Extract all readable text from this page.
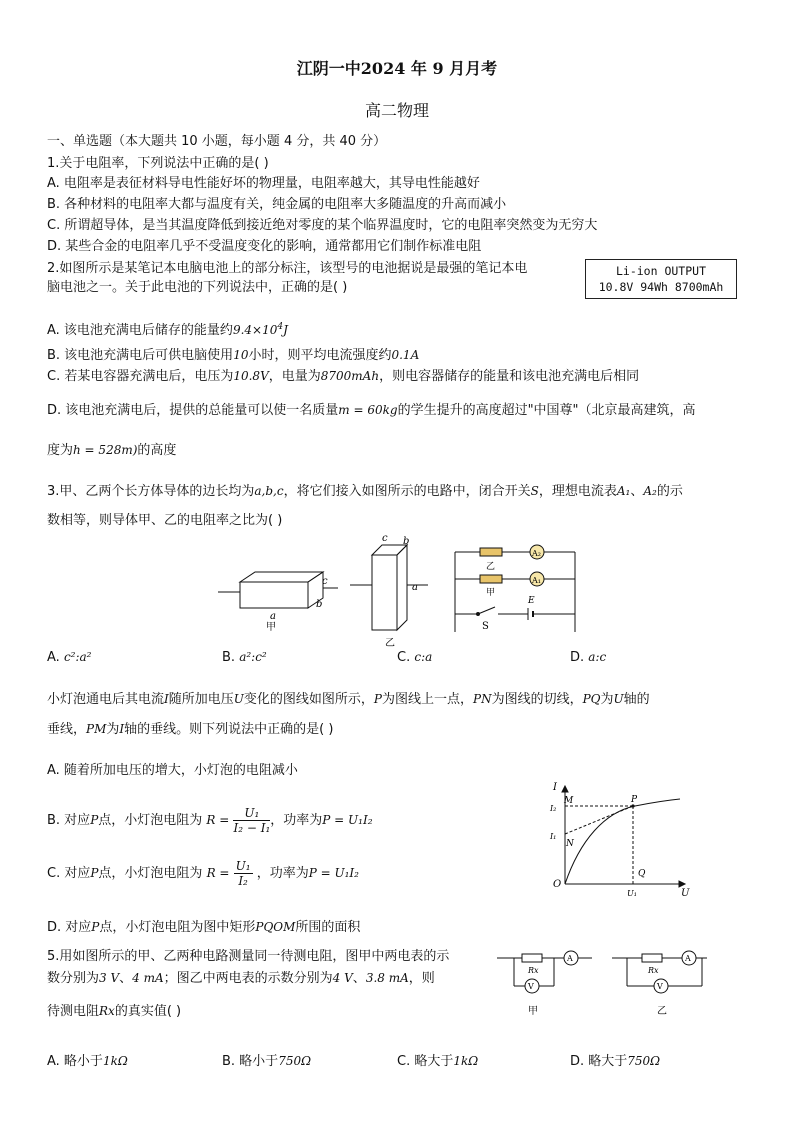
江阴一中2024 年 9 月月考
高二物理
一、单选题（本大题共 10 小题，每小题 4 分，共 40 分）
1.关于电阻率，下列说法中正确的是( )
A. 电阻率是表征材料导电性能好坏的物理量，电阻率越大，其导电性能越好
B. 各种材料的电阻率大都与温度有关，纯金属的电阻率大多随温度的升高而减小
C. 所谓超导体，是当其温度降低到接近绝对零度的某个临界温度时，它的电阻率突然变为无穷大
D. 某些合金的电阻率几乎不受温度变化的影响，通常都用它们制作标准电阻
2.如图所示是某笔记本电脑电池上的部分标注，该型号的电池据说是最强的笔记本电
脑电池之一。关于此电池的下列说法中，正确的是( )
Li-ion OUTPUT
10.8V 94Wh 8700mAh
A. 该电池充满电后储存的能量约$9.4\times 10^4J$
B. 该电池充满电后可供电脑使用10小时，则平均电流强度约0.1A
C. 若某电容器充满电后，电压为10.8V，电量为8700mAh，则电容器储存的能量和该电池充满电后相同
D. 该电池充满电后，提供的总能量可以使一名质量m = 60kg的学生提升的高度超过"中国尊"（北京最高建筑，高
度为h = 528m)的高度
3.甲、乙两个长方体导体的边长均为a,b,c，将它们接入如图所示的电路中，闭合开关S，理想电流表A₁、A₂的示
数相等，则导体甲、乙的电阻率之比为( )
a
c
b
甲
c b
a
乙
A₂
A₁
乙
甲
E
S
A. c²:a²	B. a²:c²	C. c:a	D. a:c
小灯泡通电后其电流I随所加电压U变化的图线如图所示，P为图线上一点，PN为图线的切线，PQ为U轴的
垂线，PM为I轴的垂线。则下列说法中正确的是( )
A. 随着所加电压的增大，小灯泡的电阻减小
B. 对应P点，小灯泡电阻为 $R = \frac{\text{U₁}}{\text{I₂ − I₁}}$ ，功率为P = U₁I₂
C. 对应P点，小灯泡电阻为 $R = \frac{\text{U₁}}{\text{I₂}}$ ，功率为P = U₁I₂
D. 对应P点，小灯泡电阻为图中矩形PQOM所围的面积
I
U
O
M	P
N
Q
I₂
I₁
U₁
5.用如图所示的甲、乙两种电路测量同一待测电阻，图甲中两电表的示
数分别为3 V、4 mA；图乙中两电表的示数分别为4 V、3.8 mA，则
待测电阻Rx的真实值( )
Rx
A
V
甲
Rx
A
V
乙
A. 略小于1kΩ	B. 略小于750Ω	C. 略大于1kΩ	D. 略大于750Ω
